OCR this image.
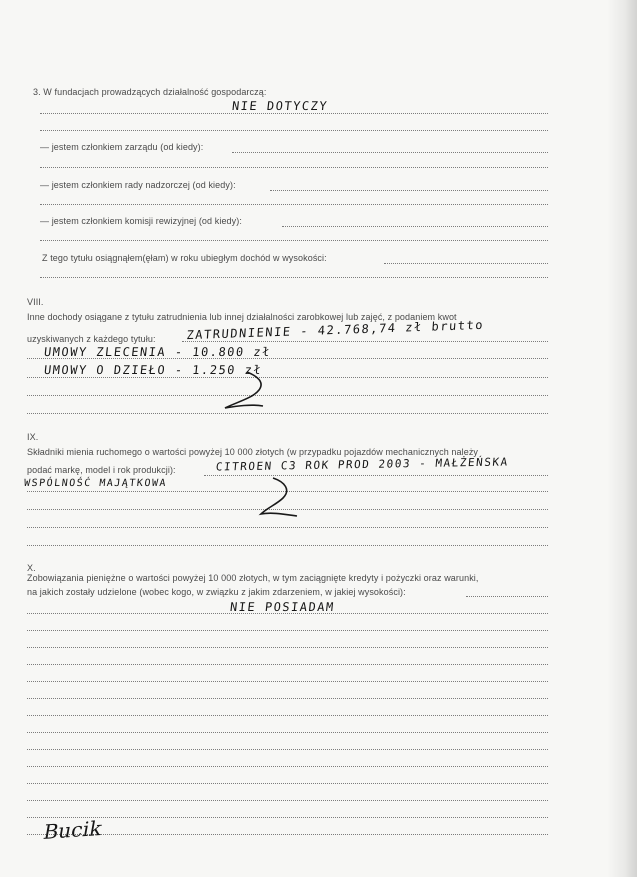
3. W fundacjach prowadzących działalność gospodarczą:
NIE DOTYCZY
— jestem członkiem zarządu (od kiedy):
— jestem członkiem rady nadzorczej (od kiedy):
— jestem członkiem komisji rewizyjnej (od kiedy):
Z tego tytułu osiągnąłem(ęłam) w roku ubiegłym dochód w wysokości:
VIII.
Inne dochody osiągane z tytułu zatrudnienia lub innej działalności zarobkowej lub zajęć, z podaniem kwot
uzyskiwanych z każdego tytułu:	ZATRUDNIENIE - 42.768,74 zł brutto
UMOWY ZLECENIA - 10.800 zł
UMOWY O DZIEŁO - 1.250 zł
IX.
Składniki mienia ruchomego o wartości powyżej 10 000 złotych (w przypadku pojazdów mechanicznych należy
podać markę, model i rok produkcji):	CITROEN C3 ROK PROD 2003 - MAŁŻEŃSKA
WSPÓLNOŚĆ MAJĄTKOWA
X.
Zobowiązania pieniężne o wartości powyżej 10 000 złotych, w tym zaciągnięte kredyty i pożyczki oraz warunki,
na jakich zostały udzielone (wobec kogo, w związku z jakim zdarzeniem, w jakiej wysokości):
NIE POSIADAM
Bucik
